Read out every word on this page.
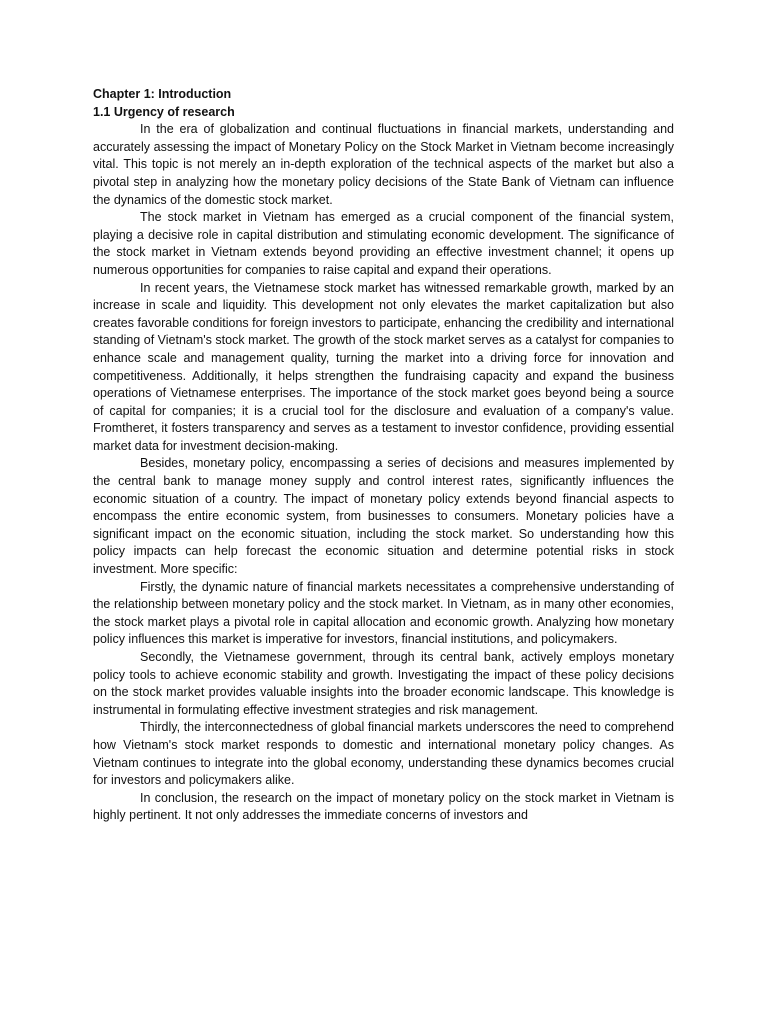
Chapter 1: Introduction

1.1 Urgency of research

In the era of globalization and continual fluctuations in financial markets, understanding and accurately assessing the impact of Monetary Policy on the Stock Market in Vietnam become increasingly vital. This topic is not merely an in-depth exploration of the technical aspects of the market but also a pivotal step in analyzing how the monetary policy decisions of the State Bank of Vietnam can influence the dynamics of the domestic stock market.

The stock market in Vietnam has emerged as a crucial component of the financial system, playing a decisive role in capital distribution and stimulating economic development. The significance of the stock market in Vietnam extends beyond providing an effective investment channel; it opens up numerous opportunities for companies to raise capital and expand their operations.

In recent years, the Vietnamese stock market has witnessed remarkable growth, marked by an increase in scale and liquidity. This development not only elevates the market capitalization but also creates favorable conditions for foreign investors to participate, enhancing the credibility and international standing of Vietnam's stock market. The growth of the stock market serves as a catalyst for companies to enhance scale and management quality, turning the market into a driving force for innovation and competitiveness. Additionally, it helps strengthen the fundraising capacity and expand the business operations of Vietnamese enterprises. The importance of the stock market goes beyond being a source of capital for companies; it is a crucial tool for the disclosure and evaluation of a company's value. Fromtheret, it fosters transparency and serves as a testament to investor confidence, providing essential market data for investment decision-making.

Besides, monetary policy, encompassing a series of decisions and measures implemented by the central bank to manage money supply and control interest rates, significantly influences the economic situation of a country. The impact of monetary policy extends beyond financial aspects to encompass the entire economic system, from businesses to consumers. Monetary policies have a significant impact on the economic situation, including the stock market. So understanding how this policy impacts can help forecast the economic situation and determine potential risks in stock investment. More specific:

Firstly, the dynamic nature of financial markets necessitates a comprehensive understanding of the relationship between monetary policy and the stock market. In Vietnam, as in many other economies, the stock market plays a pivotal role in capital allocation and economic growth. Analyzing how monetary policy influences this market is imperative for investors, financial institutions, and policymakers.

Secondly, the Vietnamese government, through its central bank, actively employs monetary policy tools to achieve economic stability and growth. Investigating the impact of these policy decisions on the stock market provides valuable insights into the broader economic landscape. This knowledge is instrumental in formulating effective investment strategies and risk management.

Thirdly, the interconnectedness of global financial markets underscores the need to comprehend how Vietnam's stock market responds to domestic and international monetary policy changes. As Vietnam continues to integrate into the global economy, understanding these dynamics becomes crucial for investors and policymakers alike.

In conclusion, the research on the impact of monetary policy on the stock market in Vietnam is highly pertinent. It not only addresses the immediate concerns of investors and
